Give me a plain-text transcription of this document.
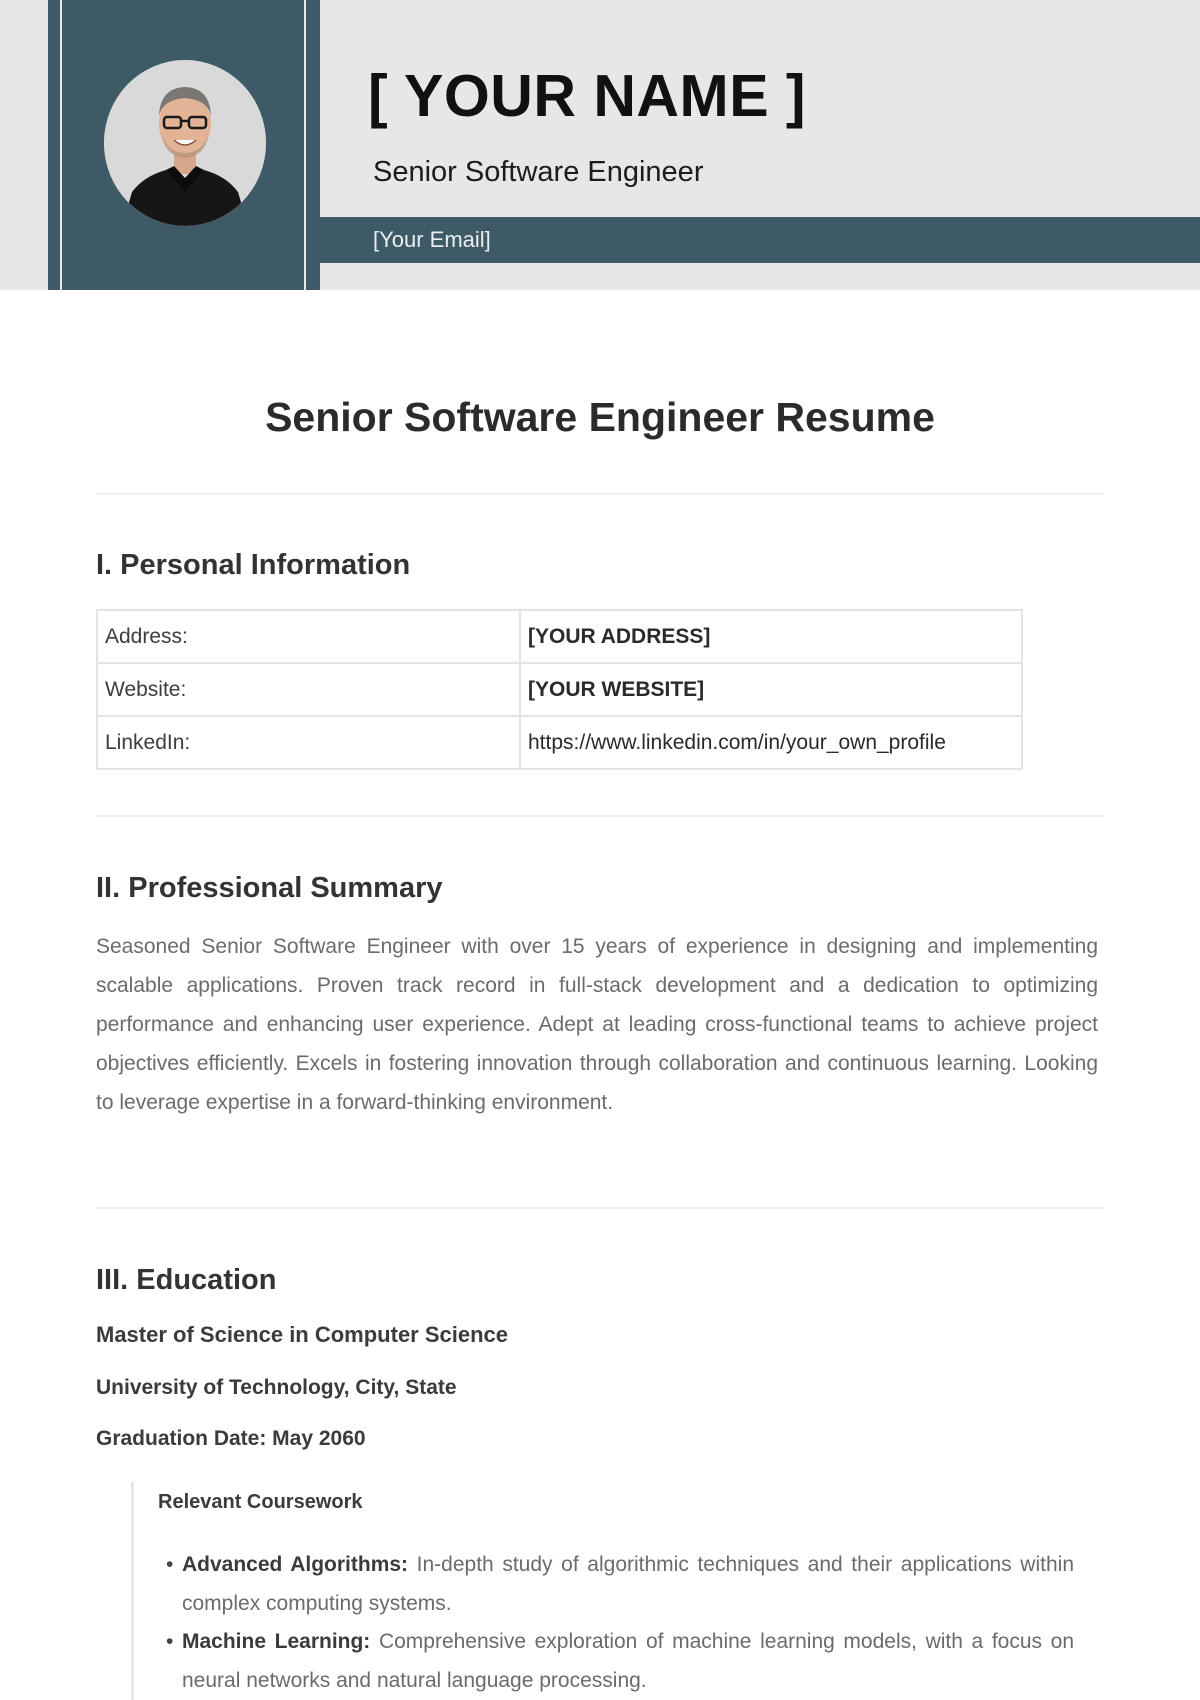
[ YOUR NAME ]
Senior Software Engineer
[Your Email]
Senior Software Engineer Resume
I. Personal Information
Address:	[YOUR ADDRESS]
Website:	[YOUR WEBSITE]
LinkedIn:	https://www.linkedin.com/in/your_own_profile
II. Professional Summary
Seasoned Senior Software Engineer with over 15 years of experience in designing and implementing scalable applications. Proven track record in full-stack development and a dedication to optimizing performance and enhancing user experience. Adept at leading cross-functional teams to achieve project objectives efficiently. Excels in fostering innovation through collaboration and continuous learning. Looking to leverage expertise in a forward-thinking environment.
III. Education
Master of Science in Computer Science
University of Technology, City, State
Graduation Date: May 2060
Relevant Coursework
• Advanced Algorithms: In-depth study of algorithmic techniques and their applications within complex computing systems.
• Machine Learning: Comprehensive exploration of machine learning models, with a focus on neural networks and natural language processing.
